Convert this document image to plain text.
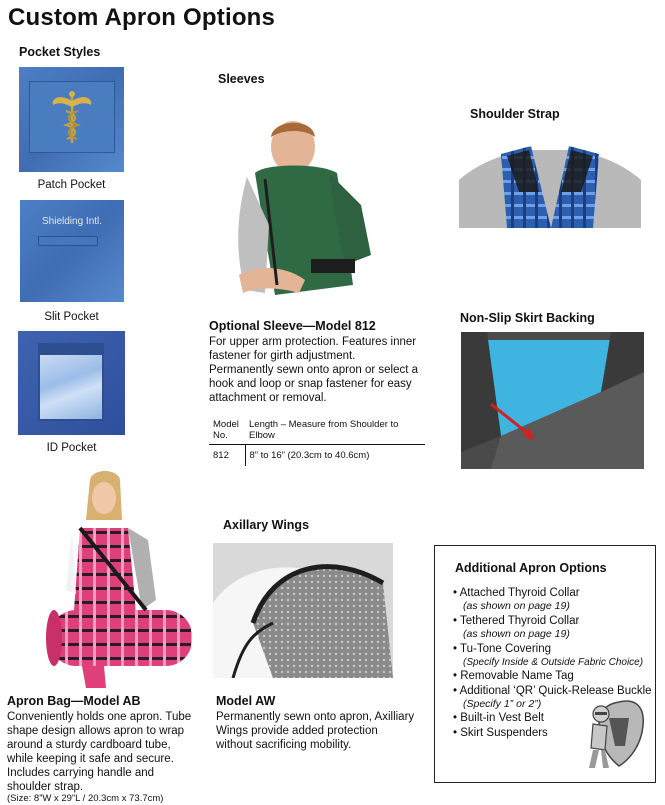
Custom Apron Options
Pocket Styles
Patch Pocket
Shielding Intl.
Slit Pocket
ID Pocket
Sleeves
Optional Sleeve—Model 812
For upper arm protection. Features inner fastener for girth adjustment. Permanently sewn onto apron or select a hook and loop or snap fastener for easy attachment or removal.
Model No.	Length – Measure from Shoulder to Elbow
812	8” to 16” (20.3cm to 40.6cm)
Shoulder Strap
Non-Slip Skirt Backing
Apron Bag—Model AB
Conveniently holds one apron. Tube shape design allows apron to wrap around a sturdy cardboard tube, while keeping it safe and secure. Includes carrying handle and shoulder strap.
(Size: 8”W x 29”L / 20.3cm x 73.7cm)
Axillary Wings
Model AW
Permanently sewn onto apron, Axilliary Wings provide added protection without sacrificing mobility.
Additional Apron Options
• Attached Thyroid Collar
(as shown on page 19)
• Tethered Thyroid Collar
(as shown on page 19)
• Tu-Tone Covering
(Specify Inside & Outside Fabric Choice)
• Removable Name Tag
• Additional ‘QR’ Quick-Release Buckle
(Specify 1” or 2”)
• Built-in Vest Belt
• Skirt Suspenders
